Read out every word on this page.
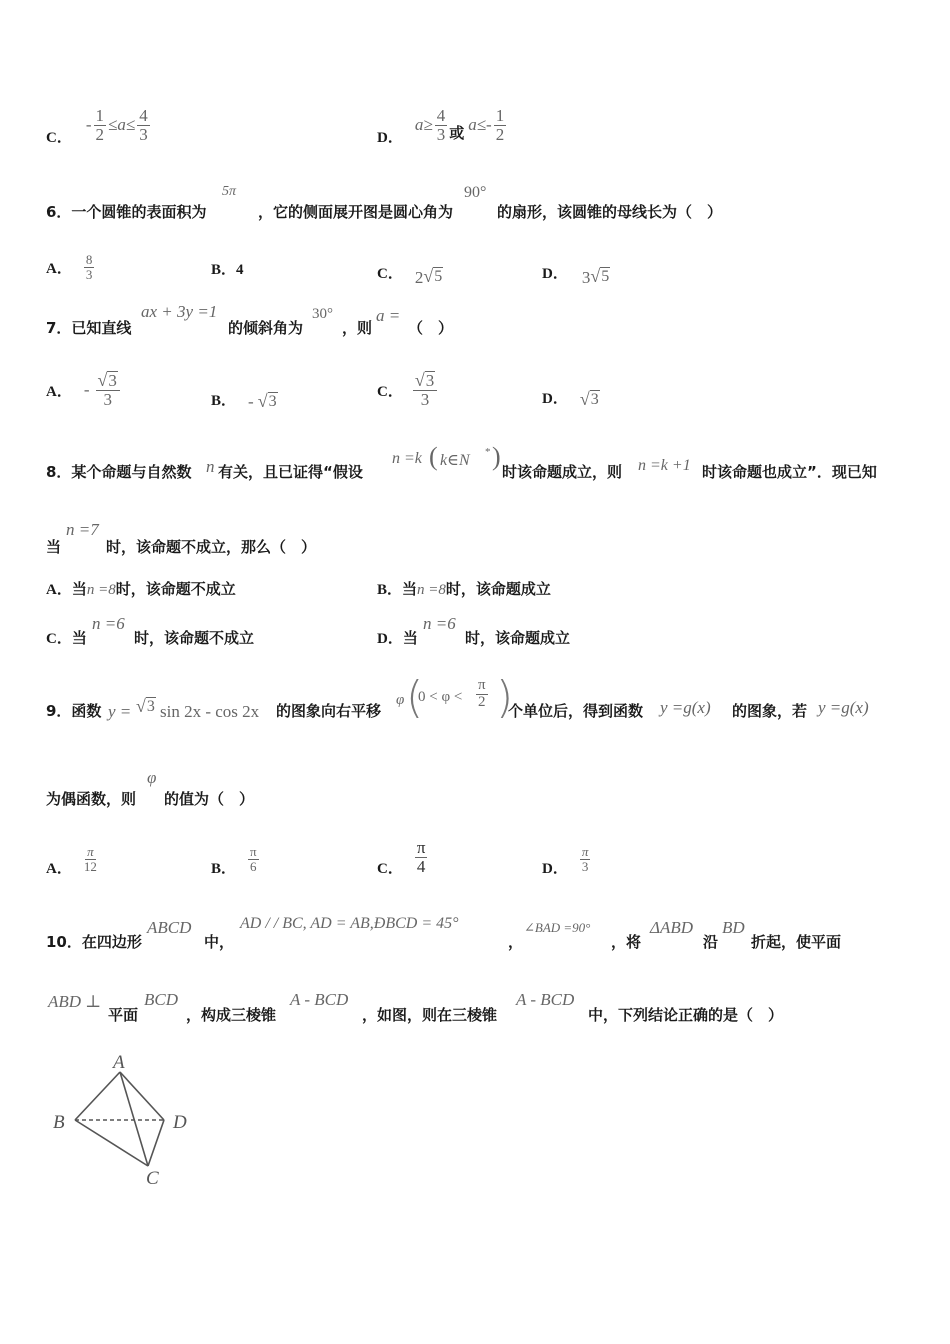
C．
- $\frac{1}{2} \le a\le \frac{4}{3}$	D．
$a\ge \frac{4}{3}$ 或 $a\le- \frac{1}{2}$
6．一个圆锥的表面积为
5π
，它的侧面展开图是圆心角为
90°
的扇形，该圆锥的母线长为（　）
A． $\frac{8}{3}$	B．4	C． 2 √ 5	D． 3 √ 5
7．已知直线
ax + 3y =1
的倾斜角为
30°
，则
a =
（　）
A． - $\frac{√ 3}{3}$	B． - √ 3
C． $\frac{√ 3}{3}$	D． √ 3
8．某个命题与自然数 n 有关，且已证得“假设
n =k ( k∈N * )
时该命题成立，则 n =k +1 时该命题也成立”．现已知
当
n =7
时，该命题不成立，那么（　）
A．当 n =8 时，该命题不成立	B．当 n =8 时，该命题成立
C．当
n =6
时，该命题不成立	D．当
n =6
时，该命题成立
9．函数 y = √ 3 sin 2x - cos 2x 的图象向右平移
φ (
$0 < \varphi < \frac{\pi}{2}$ )
个单位后，得到函数 y =g(x) 的图象，若 y =g(x)
为偶函数，则
φ
的值为（　）
A． $\frac{\pi}{12}$	B． $\frac{\pi}{6}$	C． $\frac{\pi}{4}$	D． $\frac{\pi}{3}$
10．在四边形
ABCD
中，
AD / / BC, AD = AB,ÐBCD = 45°
，
∠BAD =90°
，将
ΔABD
沿
BD
折起，使平面
ABD ⊥
平面
BCD
，构成三棱锥
A - BCD
，如图，则在三棱锥
A - BCD
中，下列结论正确的是（　）
A
B	D
C
